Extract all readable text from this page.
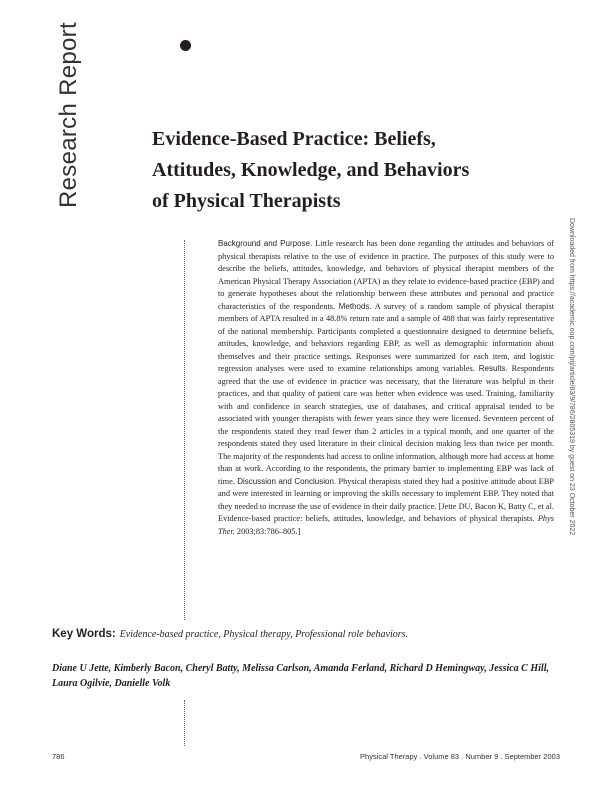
Research Report	Evidence-Based Practice: Beliefs,
Attitudes, Knowledge, and Behaviors
of Physical Therapists
Background and Purpose.

Little research has been done regarding the attitudes and behaviors of physical therapists relative to the use of evidence in practice. The purposes of this study were to describe the beliefs, attitudes, knowledge, and behaviors of physical therapist members of the American Physical Therapy Association (APTA) as they relate to evidence-based practice (EBP) and to generate hypotheses about the relationship between these attributes and personal and practice characteristics of the respondents.

Methods.

A survey of a random sample of physical therapist members of APTA resulted in a 48.8% return rate and a sample of 488 that was fairly representative of the national membership. Participants completed a questionnaire designed to determine beliefs, attitudes, knowledge, and behaviors regarding EBP, as well as demographic information about themselves and their practice settings. Responses were summarized for each item, and logistic regression analyses were used to examine relationships among variables.

Results.

Respondents agreed that the use of evidence in practice was necessary, that the literature was helpful in their practices, and that quality of patient care was better when evidence was used. Training, familiarity with and confidence in search strategies, use of databases, and critical appraisal tended to be associated with younger therapists with fewer years since they were licensed. Seventeen percent of the respondents stated they read fewer than 2 articles in a typical month, and one quarter of the respondents stated they used literature in their clinical decision making less than twice per month. The majority of the respondents had access to online information, although more had access at home than at work. According to the respondents, the primary barrier to implementing EBP was lack of time.

Discussion and Conclusion.

Physical therapists stated they had a positive attitude about EBP and were interested in learning or improving the skills necessary to implement EBP. They noted that they needed to increase the use of evidence in their daily practice. [Jette DU, Bacon K, Batty C, et al. Evidence-based practice: beliefs, attitudes, knowledge, and behaviors of physical therapists.

Phys Ther.

2003;83:786–805.]	Downloaded from https://academic.oup.com/ptj/article/83/9/786/2805319 by guest on 23 October 2022
Key Words: Evidence-based practice, Physical therapy, Professional role behaviors.
Diane U Jette, Kimberly Bacon, Cheryl Batty, Melissa Carlson, Amanda Ferland, Richard D Hemingway, Jessica C Hill, Laura Ogilvie, Danielle Volk
786	Physical Therapy . Volume 83 . Number 9 . September 2003
